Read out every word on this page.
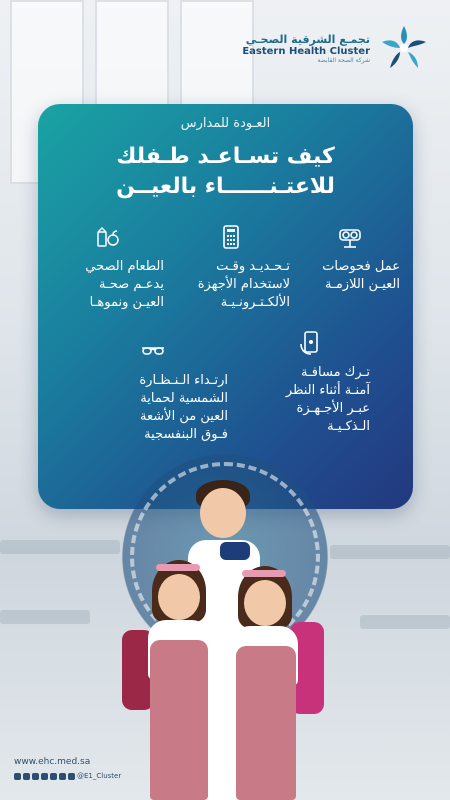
تجمـع الشرقية الصحـي
Eastern Health Cluster
شركة الصحة القابضة
العـودة للمدارس
كيف تسـاعـد طـفلك
للاعتـنــــــاء بالعيــن
عمل فحوصات
العيـن اللازمـة
تـحـديـد وقـت
لاستخدام الأجهزة
الألكـتـرونـيـة
الطعام الصحي
يدعـم صحـة
العيـن ونموهـا
تـرك مسافـة
آمنـة أثناء النظر
عبـر الأجـهـزة
الـذكـيـة
ارتـداء الـنـظـارة
الشمسية لحماية
العين من الأشعة
فـوق البنفسجية
www.ehc.med.sa
@E1_Cluster
